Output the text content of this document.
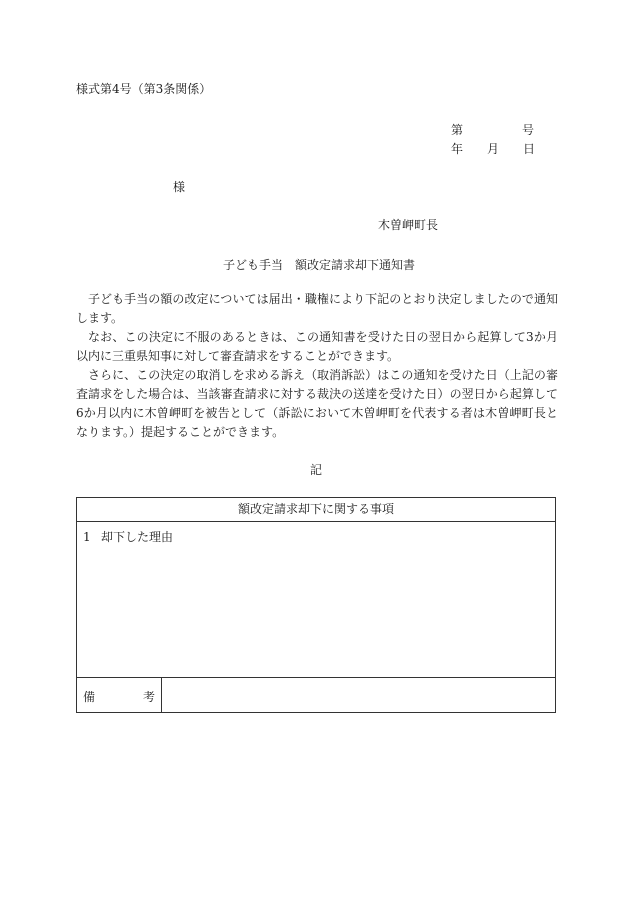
様式第4号（第3条関係）
第	号
年 月 日
様
木曽岬町長
子ども手当 額改定請求却下通知書

子ども手当の額の改定については届出・職権により下記のとおり決定しましたので通知します。

なお、この決定に不服のあるときは、この通知書を受けた日の翌日から起算して3か月以内に三重県知事に対して審査請求をすることができます。

さらに、この決定の取消しを求める訴え（取消訴訟）はこの通知を受けた日（上記の審査請求をした場合は、当該審査請求に対する裁決の送達を受けた日）の翌日から起算して6か月以内に木曽岬町を被告として（訴訟において木曽岬町を代表する者は木曽岬町長となります。）提起することができます。

記
額改定請求却下に関する事項
1 却下した理由
備	考
